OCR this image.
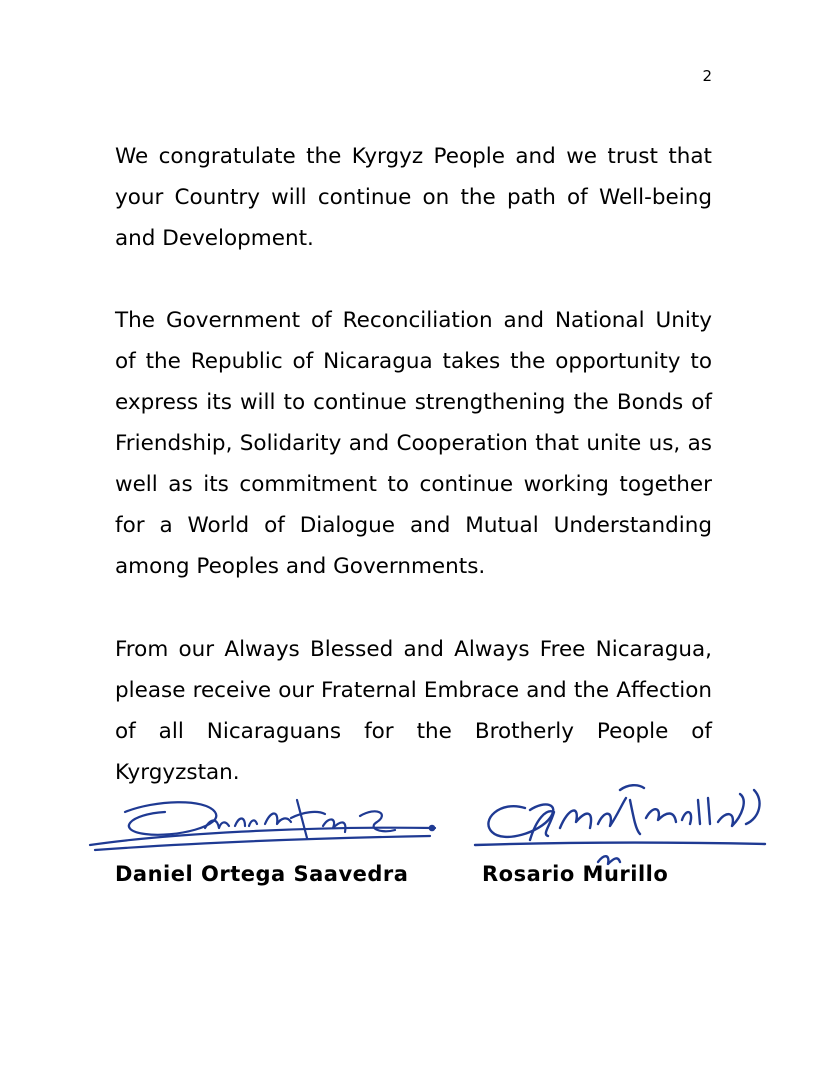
2

We congratulate the Kyrgyz People and we trust that your Country will continue on the path of Well-being and Development.

The Government of Reconciliation and National Unity of the Republic of Nicaragua takes the opportunity to express its will to continue strengthening the Bonds of Friendship, Solidarity and Cooperation that unite us, as well as its commitment to continue working together for a World of Dialogue and Mutual Understanding among Peoples and Governments.

From our Always Blessed and Always Free Nicaragua, please receive our Fraternal Embrace and the Affection of all Nicaraguans for the Brotherly People of Kyrgyzstan.

Daniel Ortega Saavedra	Rosario Murillo
